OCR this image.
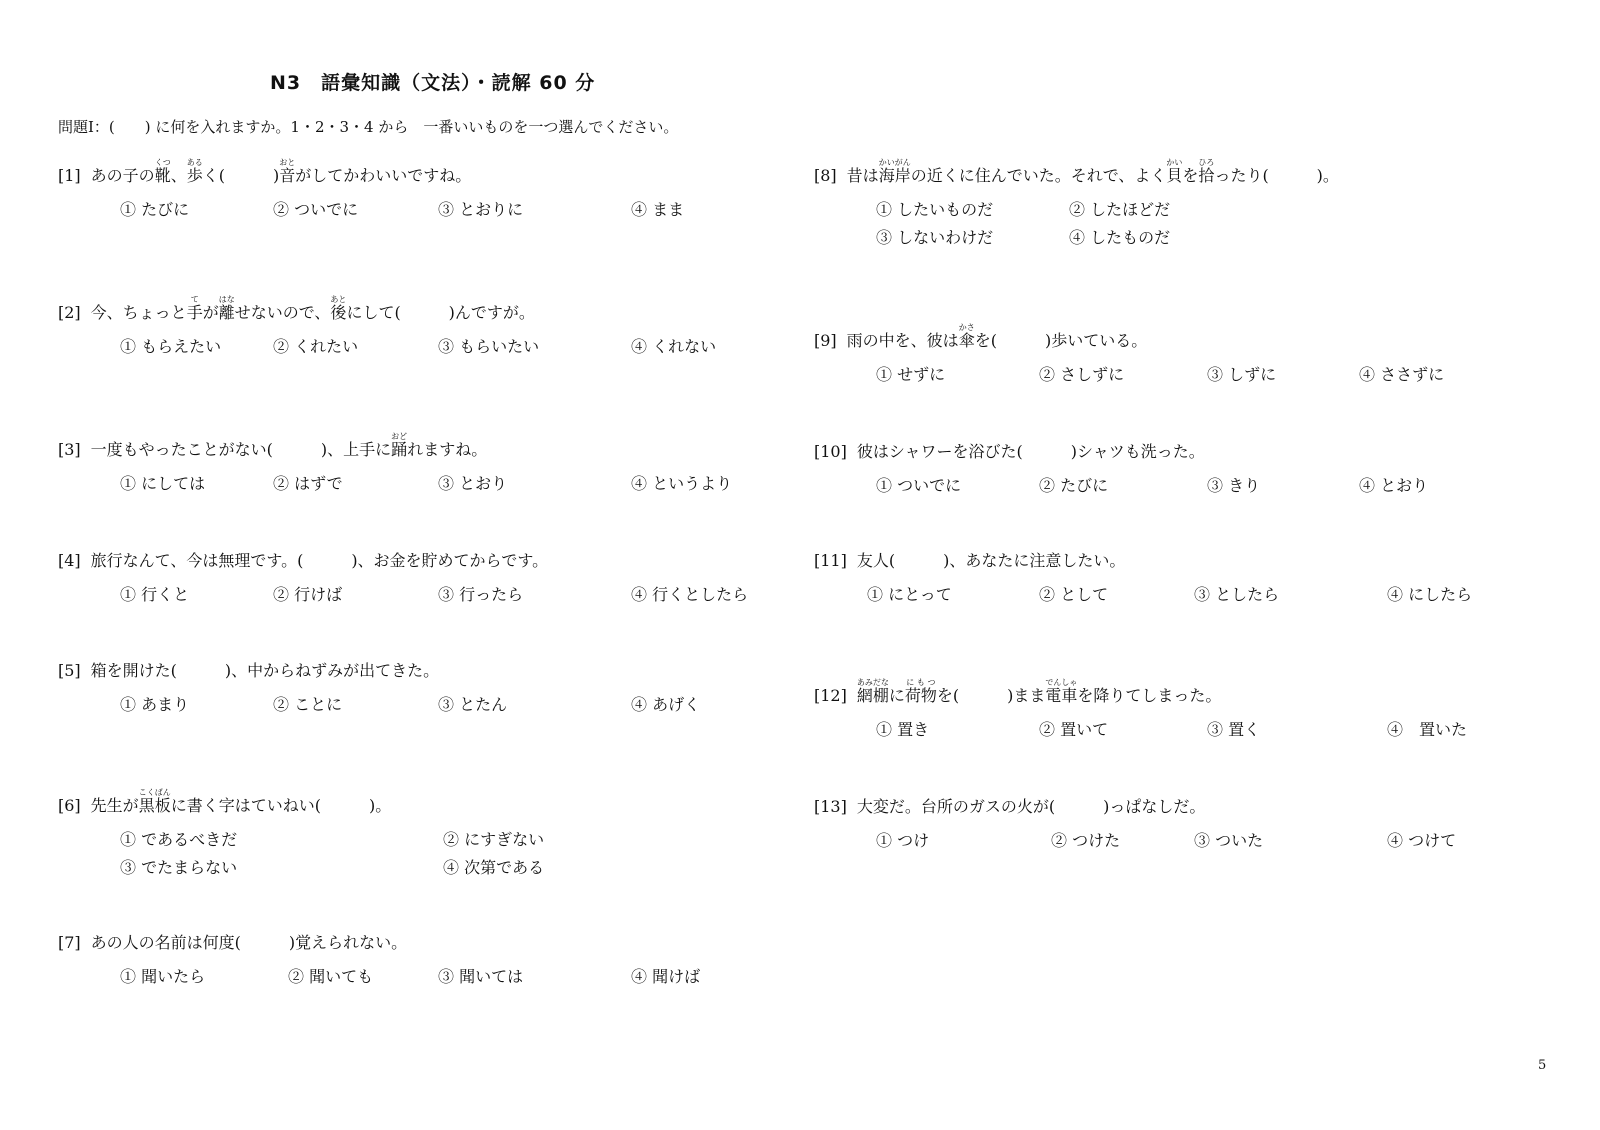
N3　語彙知識（文法）・読解 60 分
問題Ⅰ：(　　) に何を入れますか。1・2・3・4 から　一番いいものを一つ選んでください。
[1] あの子の靴くつ、歩あるく(　　　)音おとがしてかわいいですね。
① たびに	② ついでに	③ とおりに	④ まま
[2] 今、ちょっと手てが離はなせないので、後あとにして(　　　)んですが。
① もらえたい	② くれたい	③ もらいたい	④ くれない
[3] 一度もやったことがない(　　　)、上手に踊おどれますね。
① にしては	② はずで	③ とおり	④ というより
[4] 旅行なんて、今は無理です。(　　　)、お金を貯めてからです。
① 行くと	② 行けば	③ 行ったら	④ 行くとしたら
[5] 箱を開けた(　　　)、中からねずみが出てきた。
① あまり	② ことに	③ とたん	④ あげく
[6] 先生が黒板こくばんに書く字はていねい(　　　)。
① であるべきだ	② にすぎない
③ でたまらない	④ 次第である
[7] あの人の名前は何度(　　　)覚えられない。
① 聞いたら	② 聞いても	③ 聞いては	④ 聞けば
[8] 昔は海岸かいがんの近くに住んでいた。それで、よく貝かいを拾ひろったり(　　　)。
① したいものだ	② したほどだ
③ しないわけだ	④ したものだ
[9] 雨の中を、彼は傘かさを(　　　)歩いている。
① せずに	② さしずに	③ しずに	④ ささずに
[10] 彼はシャワーを浴びた(　　　)シャツも洗った。
① ついでに	② たびに	③ きり	④ とおり
[11] 友人(　　　)、あなたに注意したい。
① にとって	② として	③ としたら	④ にしたら
[12] 網棚あみだなに荷物にもつを(　　　)まま電車でんしゃを降りてしまった。
① 置き	② 置いて	③ 置く	④　置いた
[13] 大変だ。台所のガスの火が(　　　)っぱなしだ。
① つけ	② つけた	③ ついた	④ つけて
5
